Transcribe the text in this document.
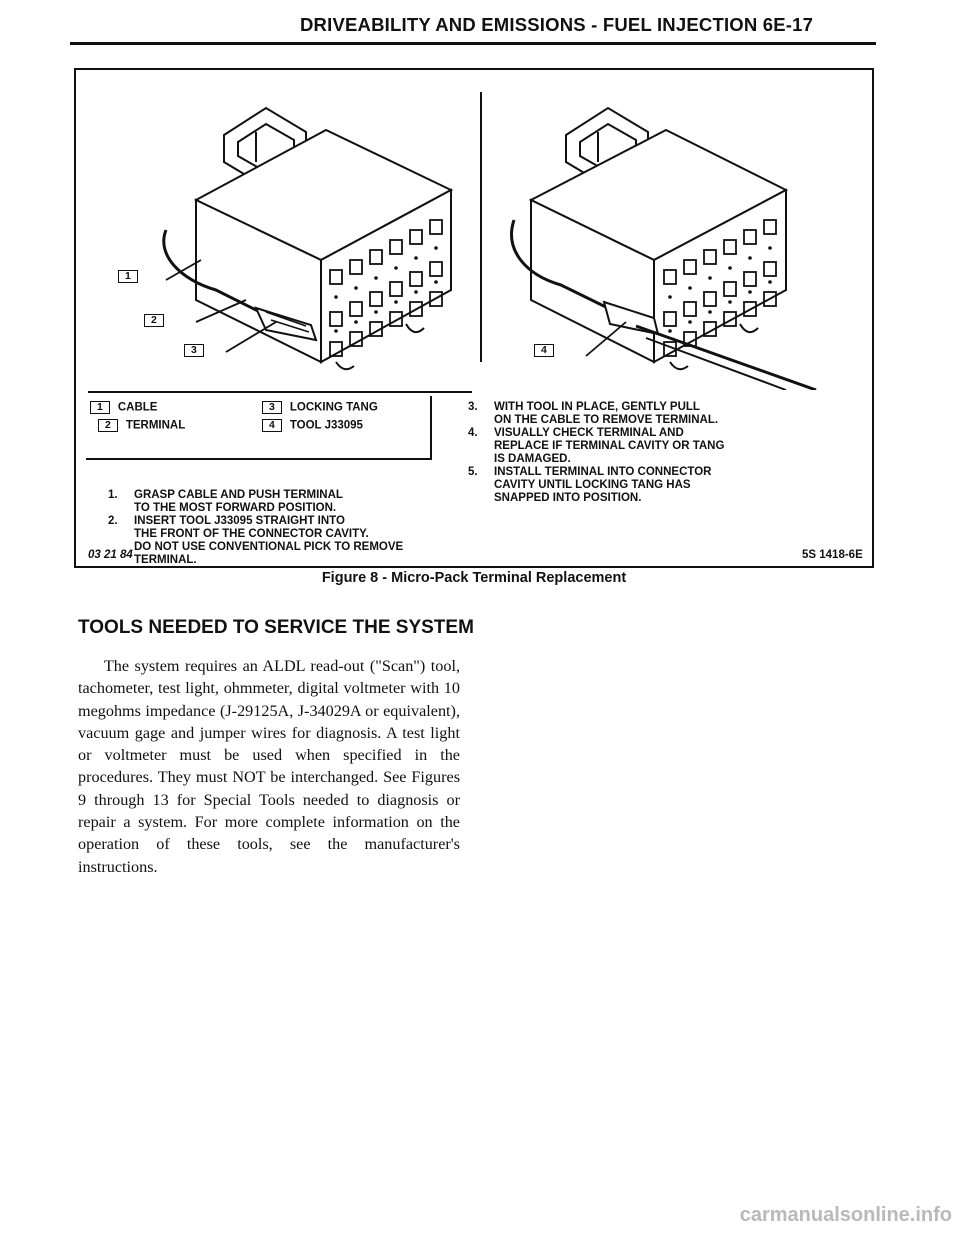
DRIVEABILITY AND EMISSIONS - FUEL INJECTION 6E-17
1
2
3	4
1 CABLE
2 TERMINAL
3 LOCKING TANG
4 TOOL J33095
1.	GRASP CABLE AND PUSH TERMINAL
TO THE MOST FORWARD POSITION.
2.	INSERT TOOL J33095 STRAIGHT INTO
THE FRONT OF THE CONNECTOR CAVITY.
DO NOT USE CONVENTIONAL PICK TO REMOVE
TERMINAL.
03 21 84
3.	WITH TOOL IN PLACE, GENTLY PULL
ON THE CABLE TO REMOVE TERMINAL.
4.	VISUALLY CHECK TERMINAL AND
REPLACE IF TERMINAL CAVITY OR TANG
IS DAMAGED.
5.	INSTALL TERMINAL INTO CONNECTOR
CAVITY UNTIL LOCKING TANG HAS
SNAPPED INTO POSITION.
5S 1418-6E
Figure 8 - Micro-Pack Terminal Replacement
TOOLS NEEDED TO SERVICE THE SYSTEM
The system requires an ALDL read-out ("Scan") tool, tachometer, test light, ohmmeter, digital voltmeter with 10 megohms impedance (J-29125A, J-34029A or equivalent), vacuum gage and jumper wires for diagnosis. A test light or voltmeter must be used when specified in the procedures. They must NOT be interchanged. See Figures 9 through 13 for Special Tools needed to diagnosis or repair a system. For more complete information on the operation of these tools, see the manufacturer's instructions.
carmanualsonline.info
